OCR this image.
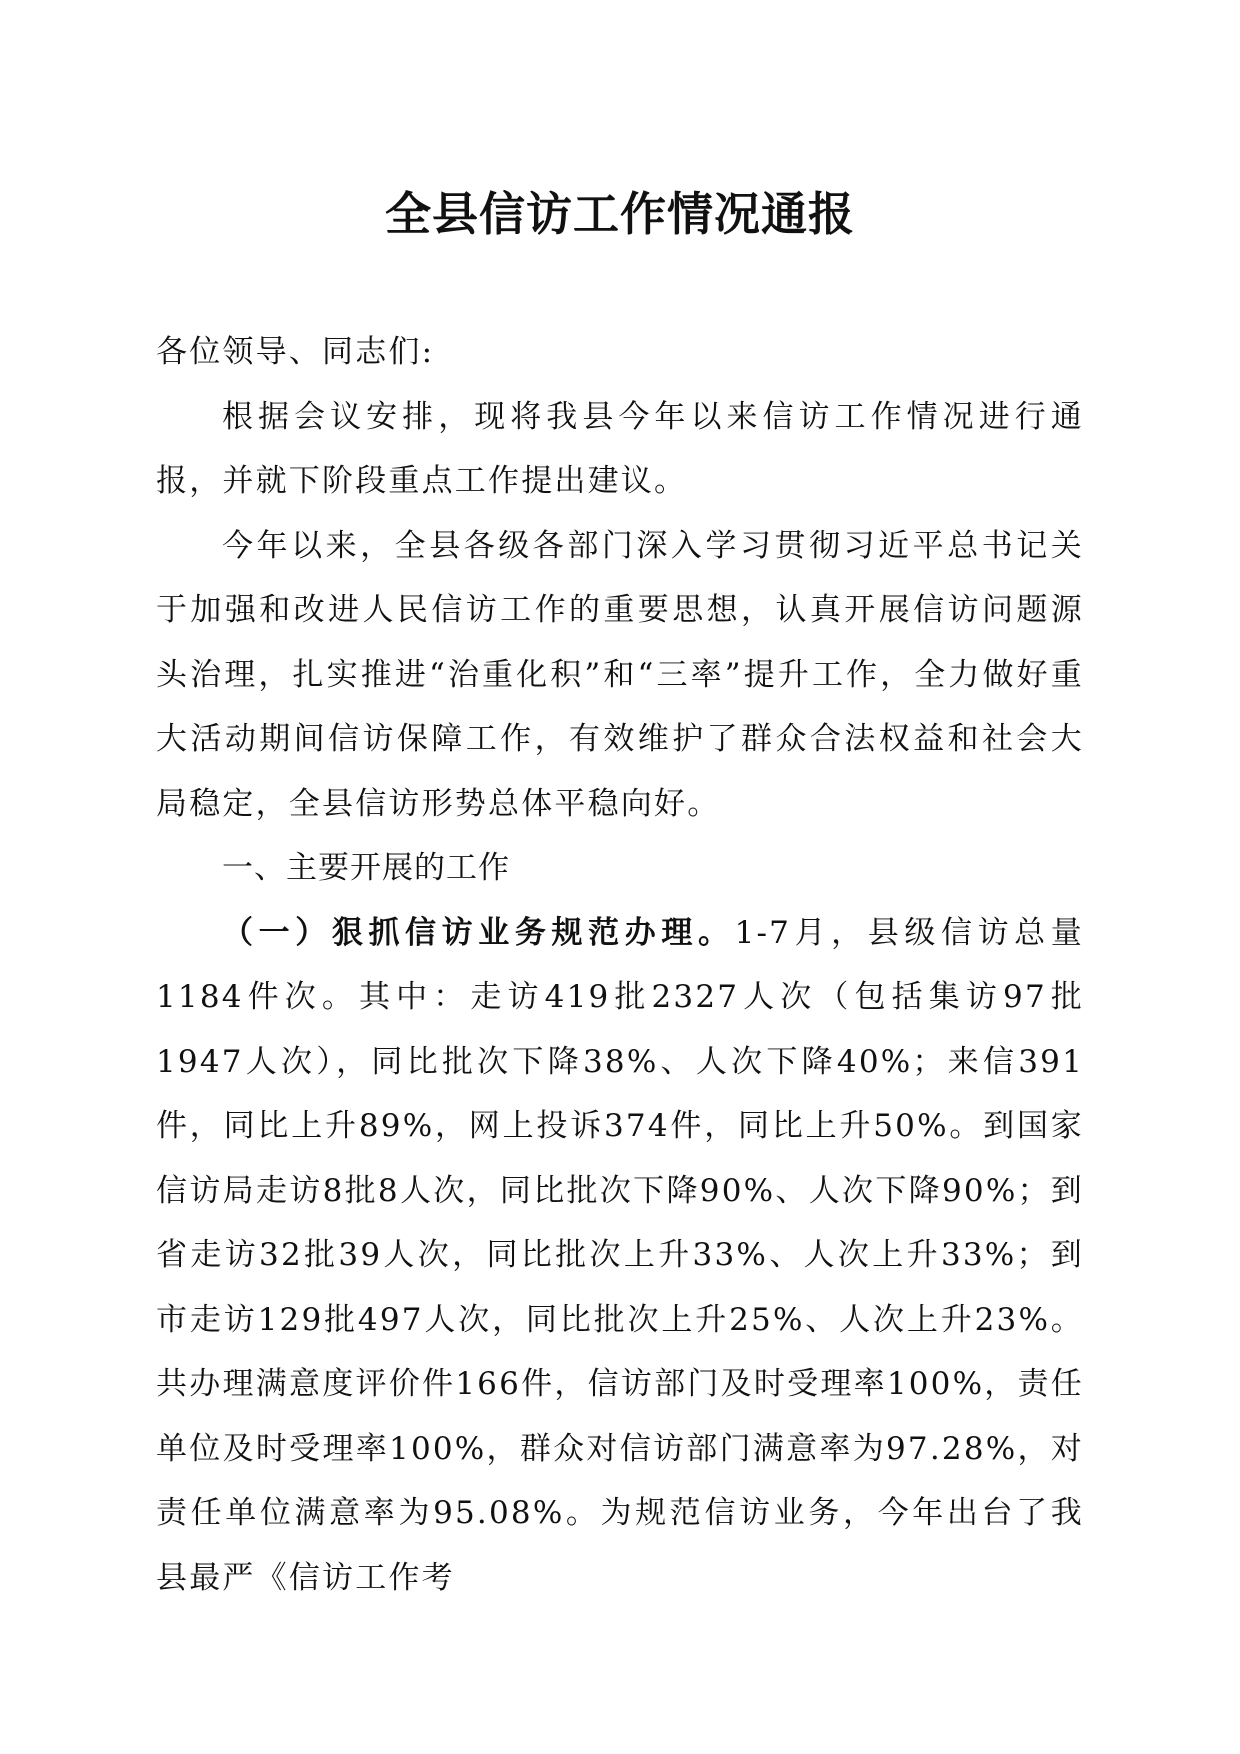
全县信访工作情况通报

各位领导、同志们:

根据会议安排，现将我县今年以来信访工作情况进行通报，并就下阶段重点工作提出建议。

今年以来，全县各级各部门深入学习贯彻习近平总书记关于加强和改进人民信访工作的重要思想，认真开展信访问题源头治理，扎实推进“治重化积”和“三率”提升工作，全力做好重大活动期间信访保障工作，有效维护了群众合法权益和社会大局稳定，全县信访形势总体平稳向好。

一、主要开展的工作

（一）狠抓信访业务规范办理。1-7月，县级信访总量1184件次。其中：走访419批2327人次（包括集访97批1947人次），同比批次下降38%、人次下降40%；来信391件，同比上升89%，网上投诉374件，同比上升50%。到国家信访局走访8批8人次，同比批次下降90%、人次下降90%；到省走访32批39人次，同比批次上升33%、人次上升33%；到市走访129批497人次，同比批次上升25%、人次上升23%。共办理满意度评价件166件，信访部门及时受理率100%，责任单位及时受理率100%，群众对信访部门满意率为97.28%，对责任单位满意率为95.08%。为规范信访业务，今年出台了我县最严《信访工作考
